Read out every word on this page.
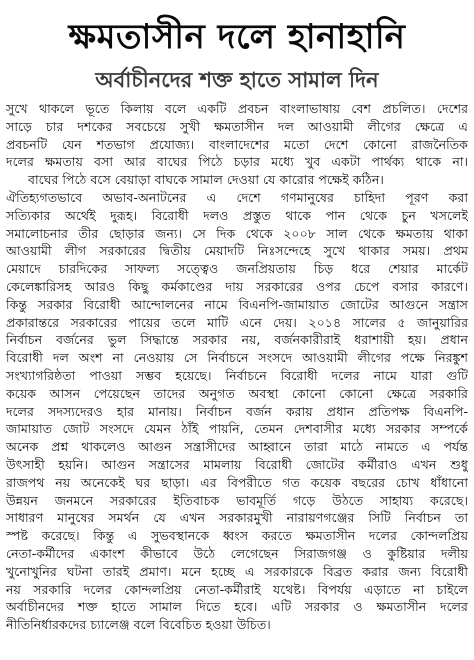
ক্ষমতাসীন দলে হানাহানি
অর্বাচীনদের শক্ত হাতে সামাল দিন
সুখে থাকলে ভূতে কিলায় বলে একটি প্রবচন বাংলাভাষায় বেশ প্রচলিত। দেশের
সাড়ে চার দশকের সবচেয়ে সুখী ক্ষমতাসীন দল আওয়ামী লীগের ক্ষেত্রে এ
প্রবচনটি যেন শতভাগ প্রযোজ্য। বাংলাদেশের মতো দেশে কোনো রাজনৈতিক
দলের ক্ষমতায় বসা আর বাঘের পিঠে চড়ার মধ্যে খুব একটা পার্থক্য থাকে না।
বাঘের পিঠে বসে বেয়াড়া বাঘকে সামাল দেওয়া যে কারোর পক্ষেই কঠিন।
ঐতিহ্যগতভাবে অভাব-অনাটনের এ দেশে গণমানুষের চাহিদা পূরণ করা
সত্যিকার অর্থেই দুরূহ। বিরোধী দলও প্রস্তুত থাকে পান থেকে চুন খসলেই
সমালোচনার তীর ছোড়ার জন্য। সে দিক থেকে ২০০৮ সাল থেকে ক্ষমতায় থাকা
আওয়ামী লীগ সরকারের দ্বিতীয় মেয়াদটি নিঃসন্দেহে সুখে থাকার সময়। প্রথম
মেয়াদে চারদিকের সাফল্য সত্ত্বেও জনপ্রিয়তায় চিড় ধরে শেয়ার মার্কেট
কেলেঙ্কারিসহ আরও কিছু কর্মকাণ্ডের দায় সরকারের ওপর চেপে বসার কারণে।
কিন্তু সরকার বিরোধী আন্দোলনের নামে বিএনপি-জামায়াত জোটের আগুনে সন্ত্রাস
প্রকারান্তরে সরকারের পায়ের তলে মাটি এনে দেয়। ২০১৪ সালের ৫ জানুয়ারির
নির্বাচন বর্জনের ভুল সিদ্ধান্তে সরকার নয়, বর্জনকারীরাই ধরাশায়ী হয়। প্রধান
বিরোধী দল অংশ না নেওয়ায় সে নির্বাচনে সংসদে আওয়ামী লীগের পক্ষে নিরঙ্কুশ
সংখ্যাগরিষ্ঠতা পাওয়া সম্ভব হয়েছে। নির্বাচনে বিরোধী দলের নামে যারা গুটি
কয়েক আসন পেয়েছেন তাদের অনুগত অবস্থা কোনো কোনো ক্ষেত্রে সরকারি
দলের সদস্যদেরও হার মানায়। নির্বাচন বর্জন করায় প্রধান প্রতিপক্ষ বিএনপি-
জামায়াত জোট সংসদে যেমন ঠাঁই পায়নি, তেমন দেশবাসীর মধ্যে সরকার সম্পর্কে
অনেক প্রশ্ন থাকলেও আগুন সন্ত্রাসীদের আহ্বানে তারা মাঠে নামতে এ পর্যন্ত
উৎসাহী হয়নি। আগুন সন্ত্রাসের মামলায় বিরোধী জোটের কর্মীরাও এখন শুধু
রাজপথ নয় অনেকেই ঘর ছাড়া। এর বিপরীতে গত কয়েক বছরের চোখ ধাঁধানো
উন্নয়ন জনমনে সরকারের ইতিবাচক ভাবমূর্তি গড়ে উঠতে সাহায্য করেছে।
সাধারণ মানুষের সমর্থন যে এখন সরকারমুখী নারায়ণগঞ্জের সিটি নির্বাচন তা
স্পষ্ট করেছে। কিন্তু এ সুভবস্থানকে ধ্বংস করতে ক্ষমতাসীন দলের কোন্দলপ্রিয়
নেতা-কর্মীদের একাংশ কীভাবে উঠে লেগেছেন সিরাজগঞ্জ ও কুষ্টিয়ার দলীয়
খুনোখুনির ঘটনা তারই প্রমাণ। মনে হচ্ছে এ সরকারকে বিব্রত করার জন্য বিরোধী
নয় সরকারি দলের কোন্দলপ্রিয় নেতা-কর্মীরাই যথেষ্ট। বিপর্যয় এড়াতে না চাইলে
অর্বাচীনদের শক্ত হাতে সামাল দিতে হবে। এটি সরকার ও ক্ষমতাসীন দলের
নীতিনির্ধারকদের চ্যালেঞ্জ বলে বিবেচিত হওয়া উচিত।
